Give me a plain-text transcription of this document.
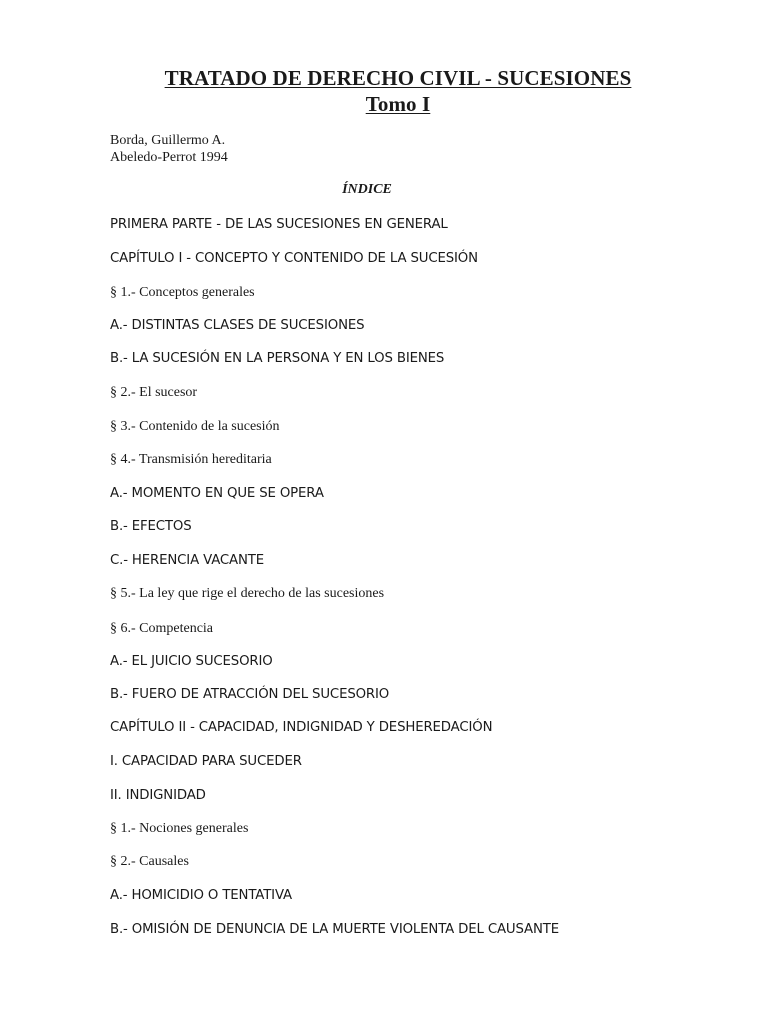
TRATADO DE DERECHO CIVIL - SUCESIONES
Tomo I
Borda, Guillermo A.
Abeledo-Perrot 1994
ÍNDICE
PRIMERA PARTE - DE LAS SUCESIONES EN GENERAL
CAPÍTULO I - CONCEPTO Y CONTENIDO DE LA SUCESIÓN
§ 1.- Conceptos generales
A.- DISTINTAS CLASES DE SUCESIONES
B.- LA SUCESIÓN EN LA PERSONA Y EN LOS BIENES
§ 2.- El sucesor
§ 3.- Contenido de la sucesión
§ 4.- Transmisión hereditaria
A.- MOMENTO EN QUE SE OPERA
B.- EFECTOS
C.- HERENCIA VACANTE
§ 5.- La ley que rige el derecho de las sucesiones
§ 6.- Competencia
A.- EL JUICIO SUCESORIO
B.- FUERO DE ATRACCIÓN DEL SUCESORIO
CAPÍTULO II - CAPACIDAD, INDIGNIDAD Y DESHEREDACIÓN
I. CAPACIDAD PARA SUCEDER
II. INDIGNIDAD
§ 1.- Nociones generales
§ 2.- Causales
A.- HOMICIDIO O TENTATIVA
B.- OMISIÓN DE DENUNCIA DE LA MUERTE VIOLENTA DEL CAUSANTE
